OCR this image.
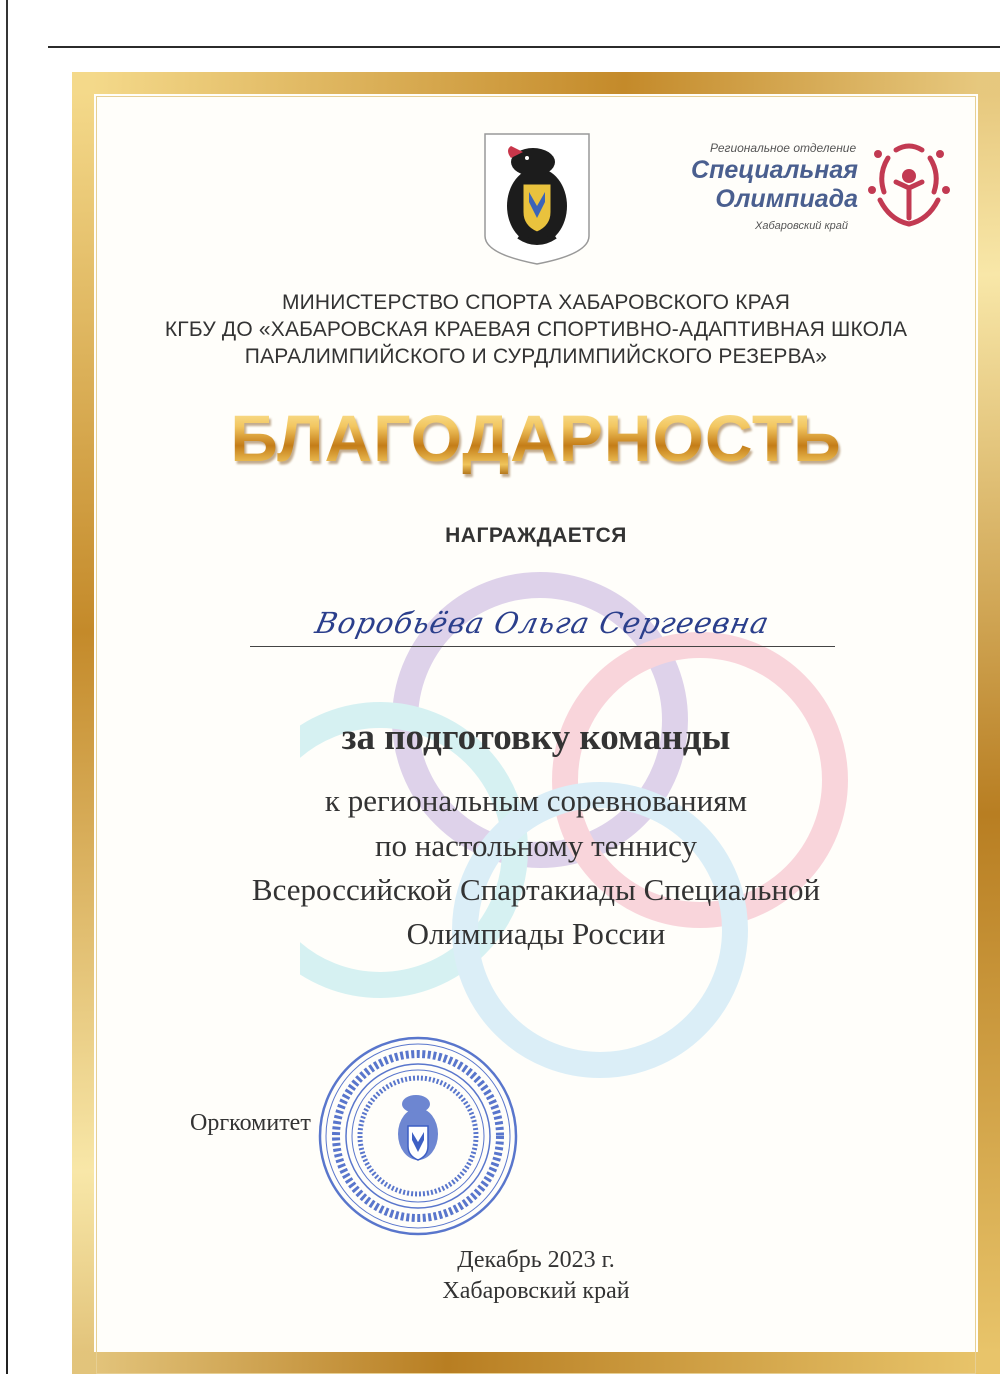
Региональное отделение
Специальная
Олимпиада
Хабаровский край
МИНИСТЕРСТВО СПОРТА ХАБАРОВСКОГО КРАЯ
КГБУ ДО «ХАБАРОВСКАЯ КРАЕВАЯ СПОРТИВНО-АДАПТИВНАЯ ШКОЛА
ПАРАЛИМПИЙСКОГО И СУРДЛИМПИЙСКОГО РЕЗЕРВА»
БЛАГОДАРНОСТЬ
НАГРАЖДАЕТСЯ
Воробьёва Ольга Сергеевна
за подготовку команды
к региональным соревнованиям
по настольному теннису
Всероссийской Спартакиады Специальной
Олимпиады России
Оргкомитет
Декабрь 2023 г.
Хабаровский край
